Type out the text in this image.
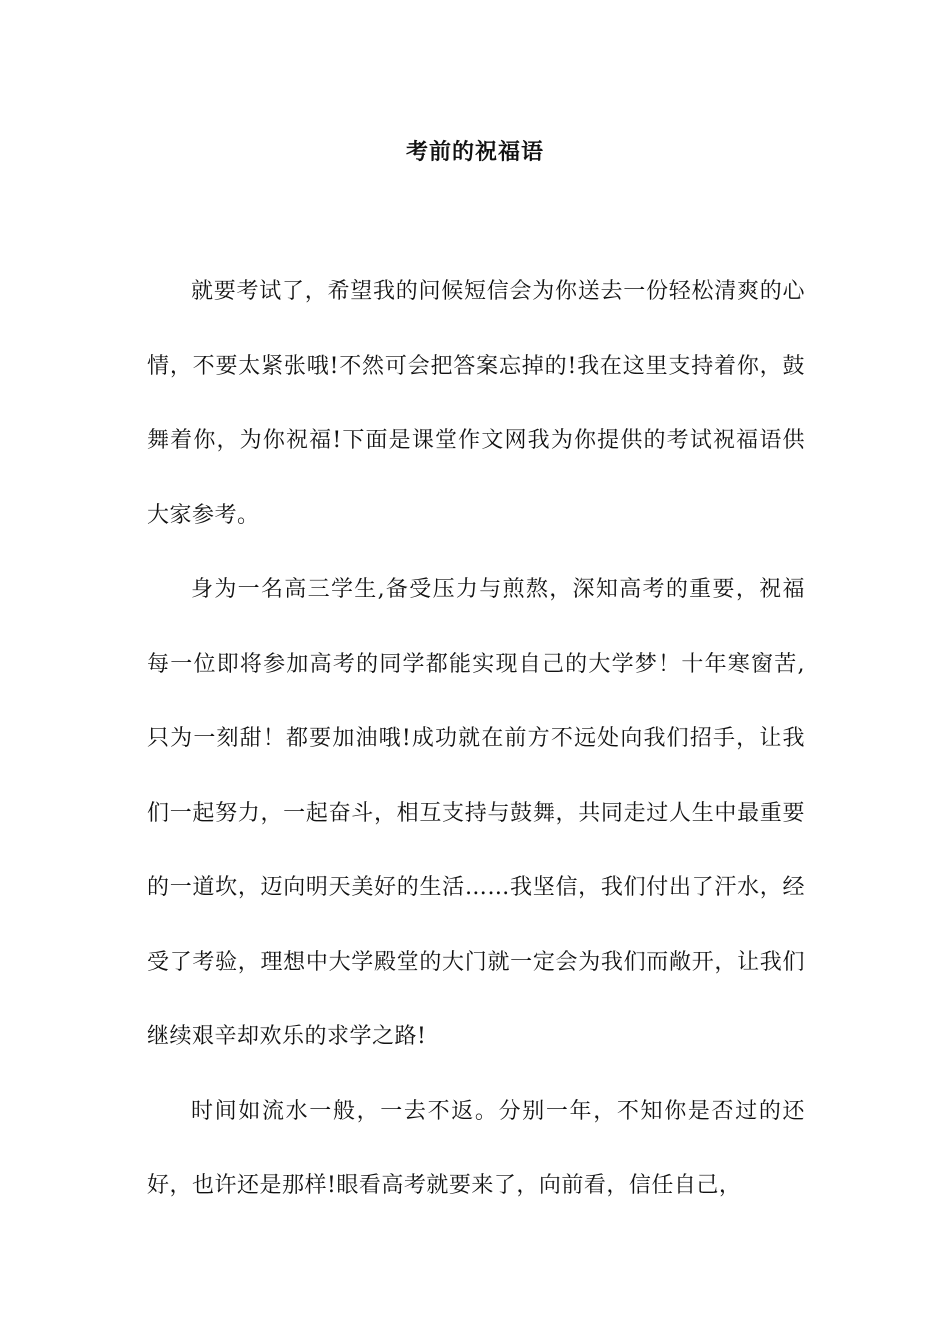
考前的祝福语

就要考试了，希望我的问候短信会为你送去一份轻松清爽的心情，不要太紧张哦!不然可会把答案忘掉的!我在这里支持着你，鼓舞着你，为你祝福!下面是课堂作文网我为你提供的考试祝福语供大家参考。

身为一名高三学生,备受压力与煎熬，深知高考的重要，祝福每一位即将参加高考的同学都能实现自己的大学梦！十年寒窗苦,只为一刻甜！都要加油哦!成功就在前方不远处向我们招手，让我们一起努力，一起奋斗，相互支持与鼓舞，共同走过人生中最重要的一道坎，迈向明天美好的生活……我坚信，我们付出了汗水，经受了考验，理想中大学殿堂的大门就一定会为我们而敞开，让我们继续艰辛却欢乐的求学之路!

时间如流水一般，一去不返。分别一年，不知你是否过的还好，也许还是那样!眼看高考就要来了，向前看，信任自己，
